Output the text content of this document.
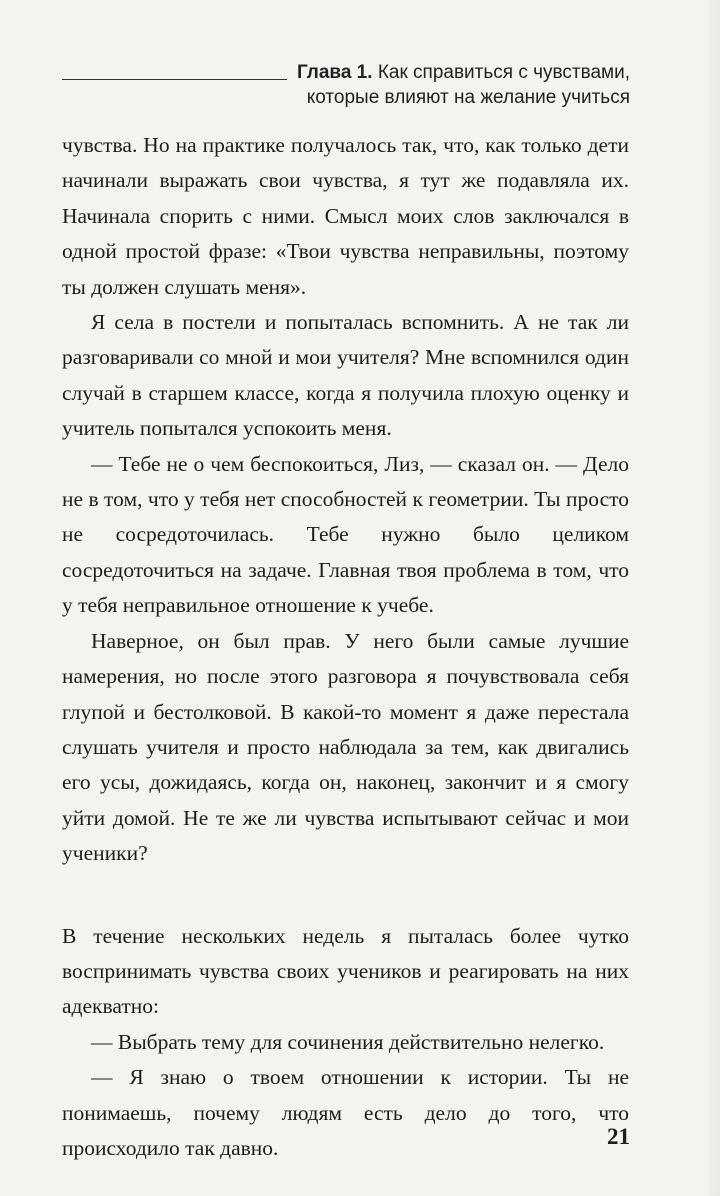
Глава 1.
Как справиться с чувствами,
которые влияют на желание учиться

чувства. Но на практике получалось так, что, как только дети начинали выражать свои чувства, я тут же подавляла их. Начинала спорить с ними. Смысл моих слов заключался в одной простой фразе: «Твои чувства неправильны, поэтому ты должен слушать меня».

Я села в постели и попыталась вспомнить. А не так ли разговаривали со мной и мои учителя? Мне вспомнился один случай в старшем классе, когда я получила плохую оценку и учитель попытался успокоить меня.

— Тебе не о чем беспокоиться, Лиз, — сказал он. — Дело не в том, что у тебя нет способностей к геометрии. Ты просто не сосредоточилась. Тебе нужно было целиком сосредоточиться на задаче. Главная твоя проблема в том, что у тебя неправильное отношение к учебе.

Наверное, он был прав. У него были самые лучшие намерения, но после этого разговора я почувствовала себя глупой и бестолковой. В какой-то момент я даже перестала слушать учителя и просто наблюдала за тем, как двигались его усы, дожидаясь, когда он, наконец, закончит и я смогу уйти домой. Не те же ли чувства испытывают сейчас и мои ученики?

В течение нескольких недель я пыталась более чутко воспринимать чувства своих учеников и реагировать на них адекватно:

— Выбрать тему для сочинения действительно нелегко.

— Я знаю о твоем отношении к истории. Ты не понимаешь, почему людям есть дело до того, что происходило так давно.	21
